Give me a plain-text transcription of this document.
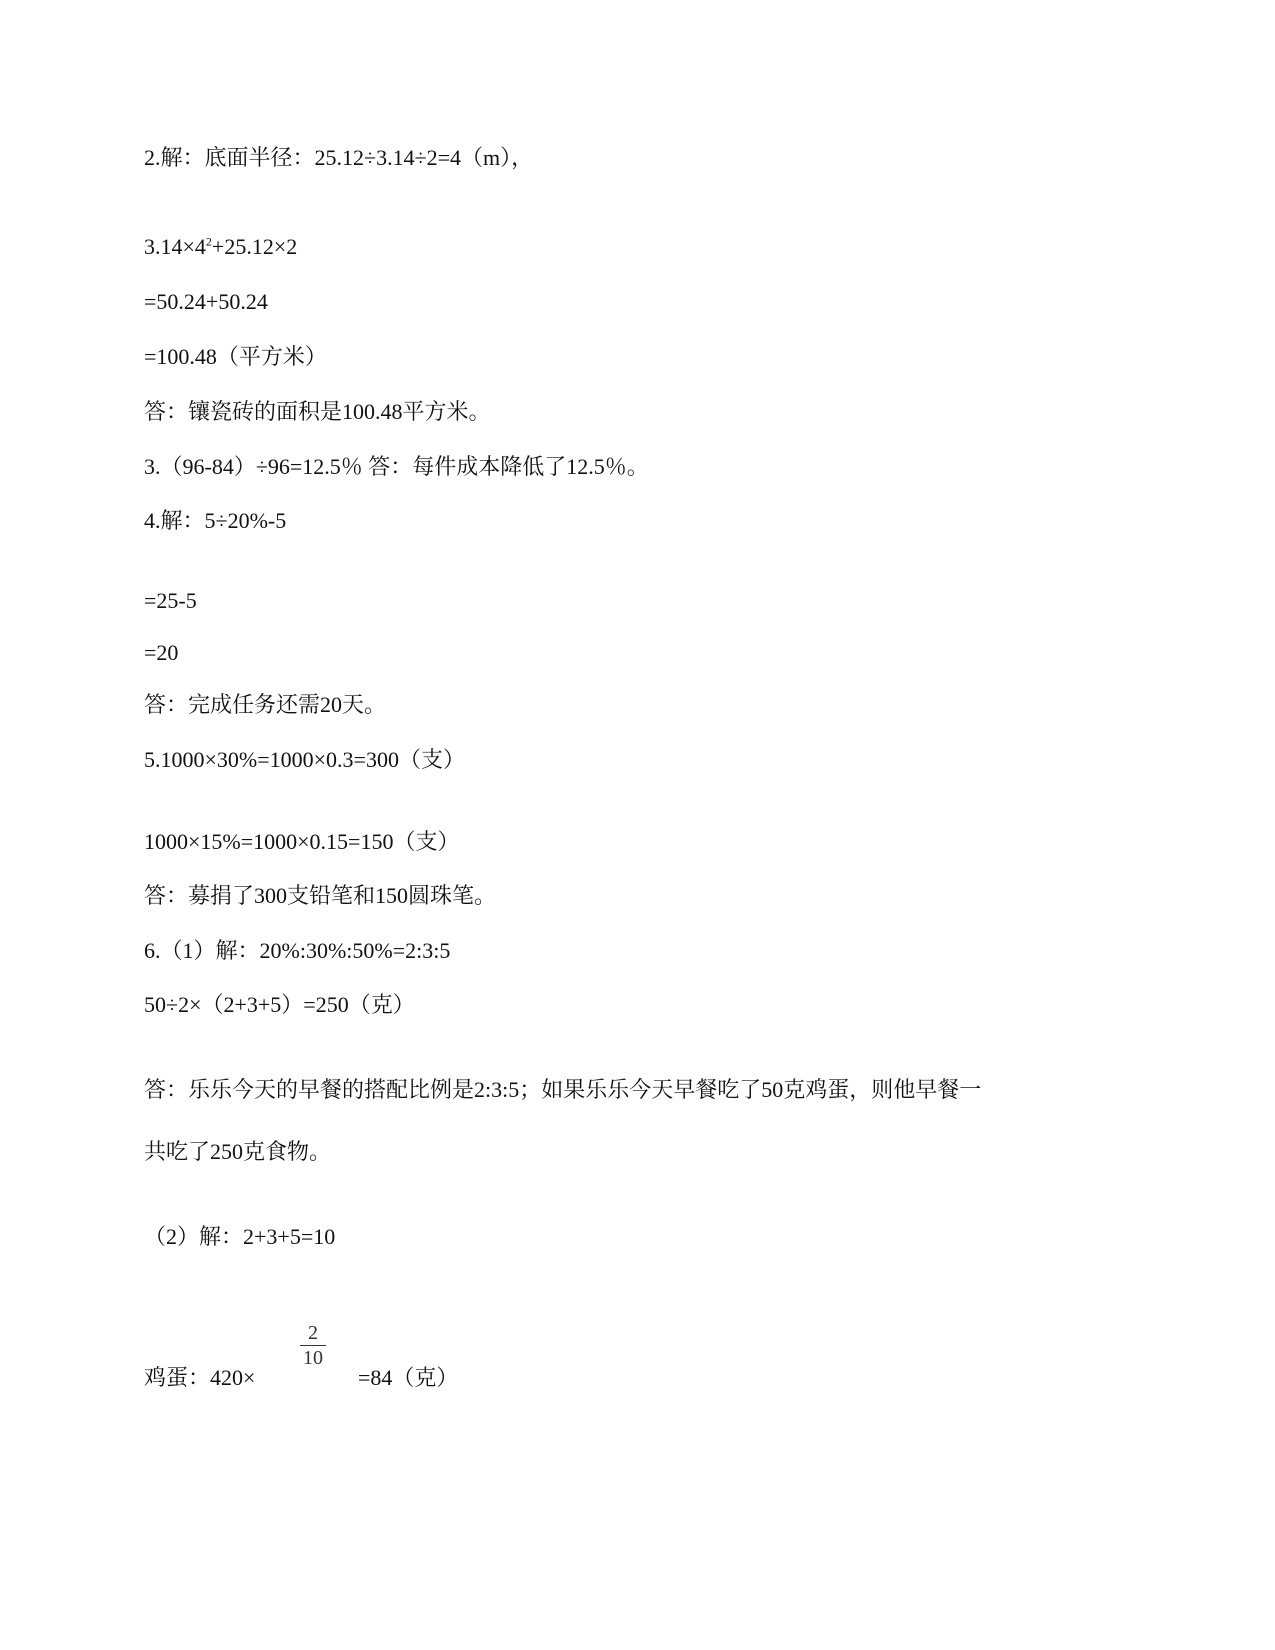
2.解：底面半径：25.12÷3.14÷2=4（m），
$3.14\times 4^2+25.12\times 2$
=50.24+50.24
=100.48（平方米）
答：镶瓷砖的面积是100.48平方米。
3.（96-84）÷96=12.5％ 答：每件成本降低了12.5％。
4.解：5÷20%-5
=25-5
=20
答：完成任务还需20天。
5.1000×30%=1000×0.3=300（支）
1000×15%=1000×0.15=150（支）
答：募捐了300支铅笔和150圆珠笔。
6.（1）解：20%:30%:50%=2:3:5
50÷2×（2+3+5）=250（克）
答：乐乐今天的早餐的搭配比例是2:3:5；如果乐乐今天早餐吃了50克鸡蛋，则他早餐一
共吃了250克食物。
（2）解：2+3+5=10
鸡蛋：420×
2
10
=84（克）
